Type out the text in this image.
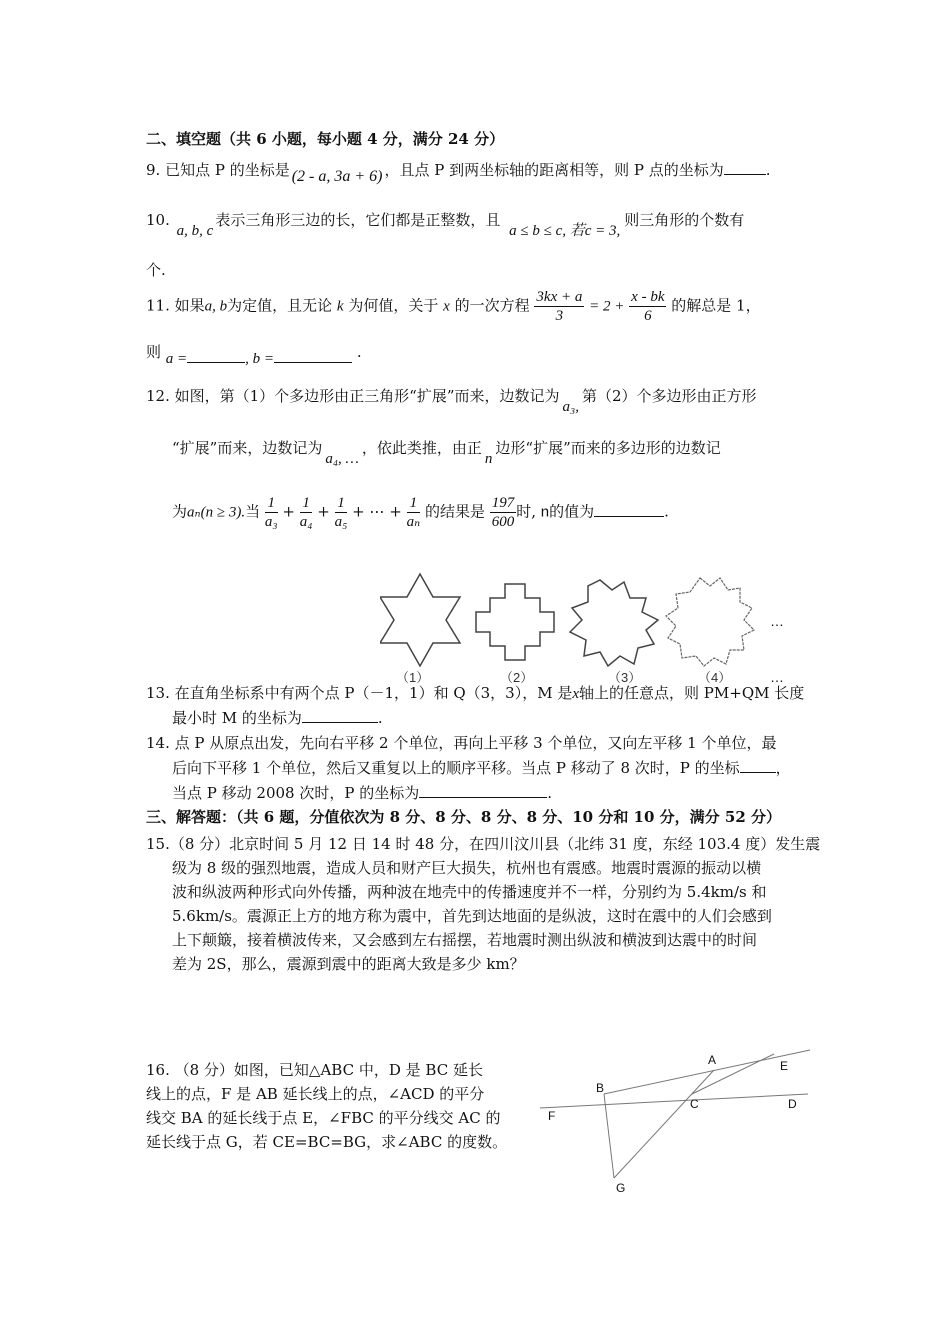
二、填空题（共 6 小题，每小题 4 分，满分 24 分）
9. 已知点 P 的坐标是 (2 - a, 3a + 6) ，且点 P 到两坐标轴的距离相等，则 P 点的坐标为	.
10. a, b, c表示三角形三边的长，它们都是正整数，且 a ≤ b ≤ c, 若c = 3,则三角形的个数有
个.
11. 如果a, b为定值，且无论 k 为何值，关于 x 的一次方程 $\frac{3kx + a}{3} = 2 + \frac{x - bk}{6}$ 的解总是 1，
则 a =	, b =	.
12. 如图，第（1）个多边形由正三角形“扩展”而来，边数记为a₃,第（2）个多边形由正方形
“扩展”而来，边数记为a₄, …，依此类推，由正n边形“扩展”而来的多边形的边数记
为aₙ(n ≥ 3).当 $\frac{1}{\text{a₃}} + \frac{1}{\text{a₄}} + \frac{1}{\text{a₅}}$ + ⋯ + $\frac{1}{\text{aₙ}}$ 的结果是 $\frac{197}{600}$ 时, n的值为	.
…
（1）	（2）	（3）	（4）	…
13. 在直角坐标系中有两个点 P（－1，1）和 Q（3，3），M 是x轴上的任意点，则 PM+QM 长度
最小时 M 的坐标为	.
14. 点 P 从原点出发，先向右平移 2 个单位，再向上平移 3 个单位，又向左平移 1 个单位，最
后向下平移 1 个单位，然后又重复以上的顺序平移。当点 P 移动了 8 次时，P 的坐标 ，
当点 P 移动 2008 次时，P 的坐标为	.
三、解答题：（共 6 题，分值依次为 8 分、8 分、8 分、8 分、10 分和 10 分，满分 52 分）
15.（8 分）北京时间 5 月 12 日 14 时 48 分，在四川汶川县（北纬 31 度，东经 103.4 度）发生震
级为 8 级的强烈地震，造成人员和财产巨大损失，杭州也有震感。地震时震源的振动以横
波和纵波两种形式向外传播，两种波在地壳中的传播速度并不一样，分别约为 5.4km/s 和
5.6km/s。震源正上方的地方称为震中，首先到达地面的是纵波，这时在震中的人们会感到
上下颠簸，接着横波传来，又会感到左右摇摆，若地震时测出纵波和横波到达震中的时间
差为 2S，那么，震源到震中的距离大致是多少 km？
16. （8 分）如图，已知△ABC 中，D 是 BC 延长
线上的点，F 是 AB 延长线上的点，∠ACD 的平分
线交 BA 的延长线于点 E，∠FBC 的平分线交 AC 的
延长线于点 G，若 CE=BC=BG，求∠ABC 的度数。
A
B
C	D
E
F
G
